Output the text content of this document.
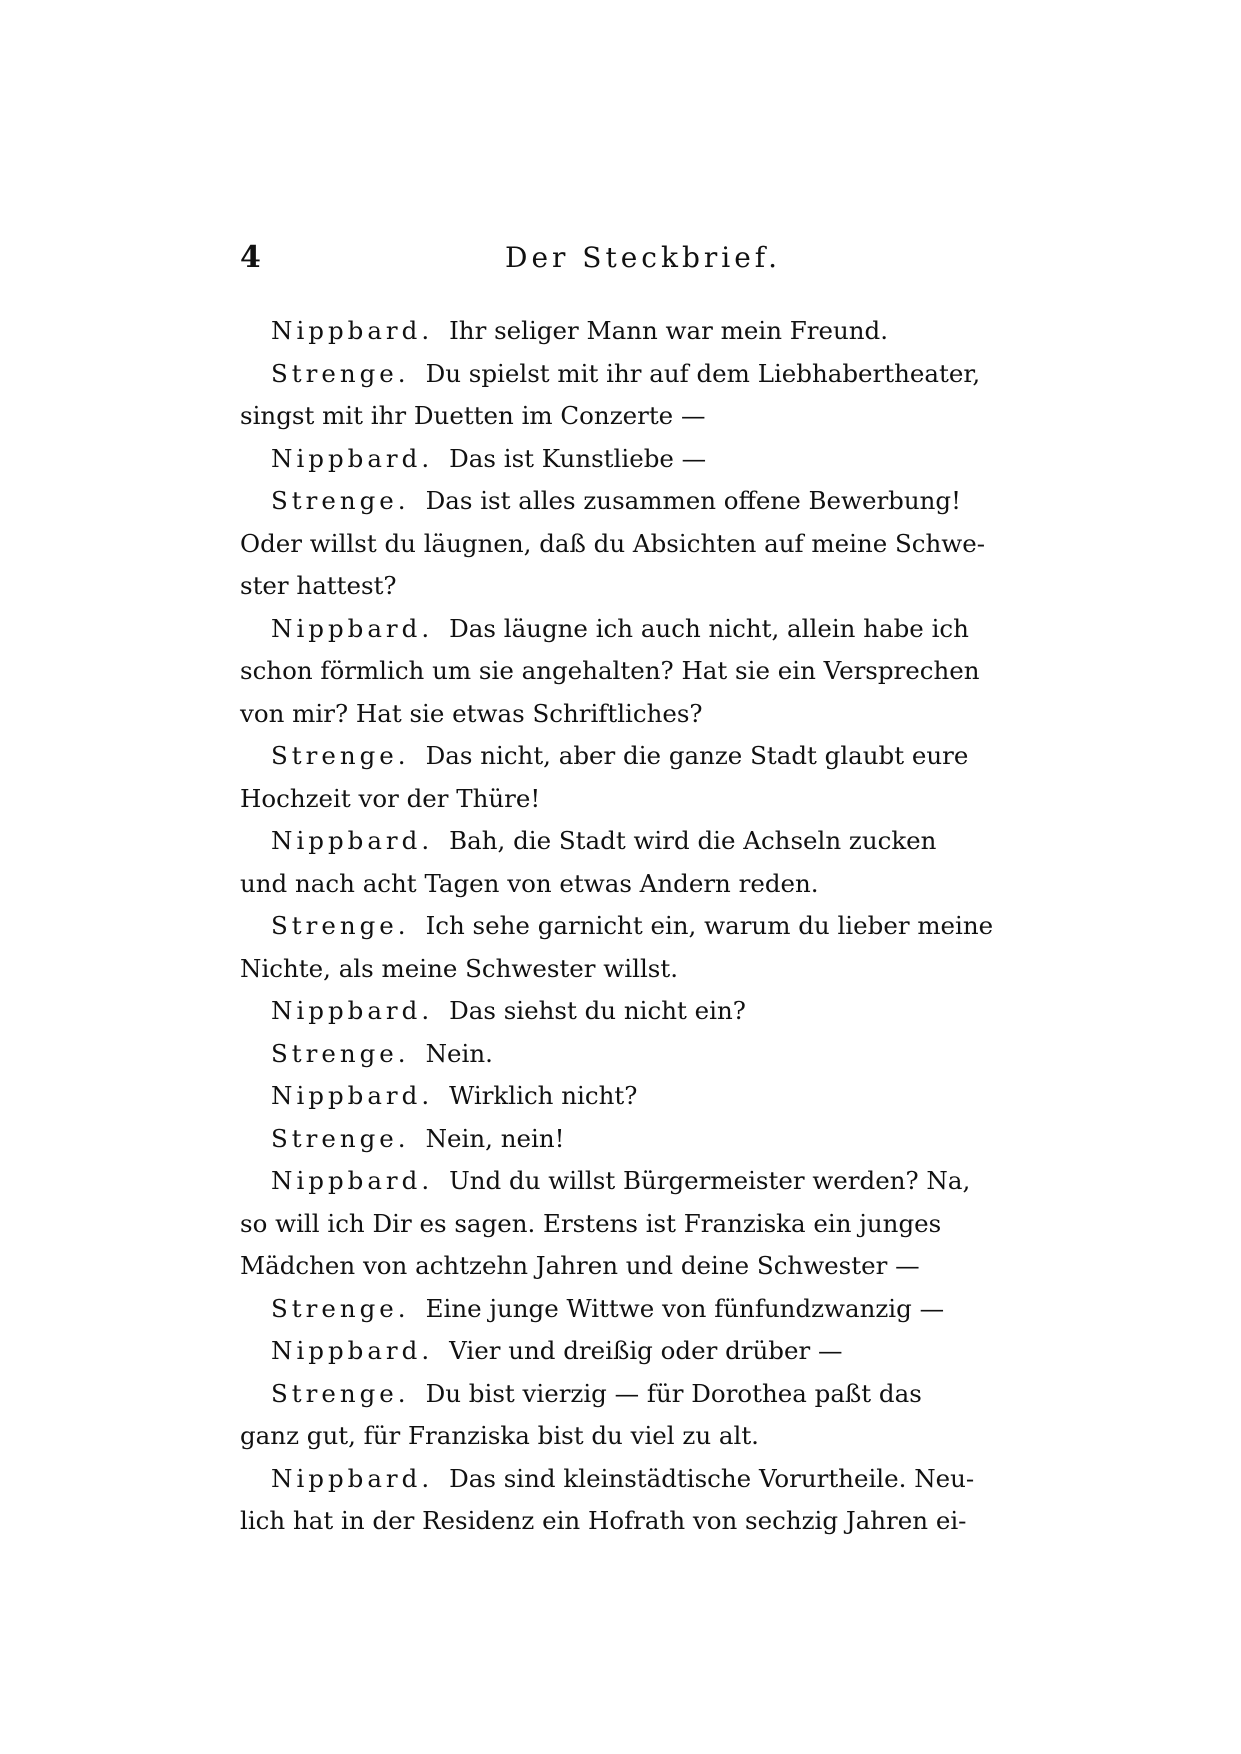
4	Der Steckbrief.
Nippbard. Ihr seliger Mann war mein Freund.
Strenge. Du spielst mit ihr auf dem Liebhabertheater,
singst mit ihr Duetten im Conzerte —
Nippbard. Das ist Kunstliebe —
Strenge. Das ist alles zusammen offene Bewerbung!
Oder willst du läugnen, daß du Absichten auf meine Schwe-
ster hattest?
Nippbard. Das läugne ich auch nicht, allein habe ich
schon förmlich um sie angehalten? Hat sie ein Versprechen
von mir? Hat sie etwas Schriftliches?
Strenge. Das nicht, aber die ganze Stadt glaubt eure
Hochzeit vor der Thüre!
Nippbard. Bah, die Stadt wird die Achseln zucken
und nach acht Tagen von etwas Andern reden.
Strenge. Ich sehe garnicht ein, warum du lieber meine
Nichte, als meine Schwester willst.
Nippbard. Das siehst du nicht ein?
Strenge. Nein.
Nippbard. Wirklich nicht?
Strenge. Nein, nein!
Nippbard. Und du willst Bürgermeister werden? Na,
so will ich Dir es sagen. Erstens ist Franziska ein junges
Mädchen von achtzehn Jahren und deine Schwester —
Strenge. Eine junge Wittwe von fünfundzwanzig —
Nippbard. Vier und dreißig oder drüber —
Strenge. Du bist vierzig — für Dorothea paßt das
ganz gut, für Franziska bist du viel zu alt.
Nippbard. Das sind kleinstädtische Vorurtheile. Neu-
lich hat in der Residenz ein Hofrath von sechzig Jahren ei-
